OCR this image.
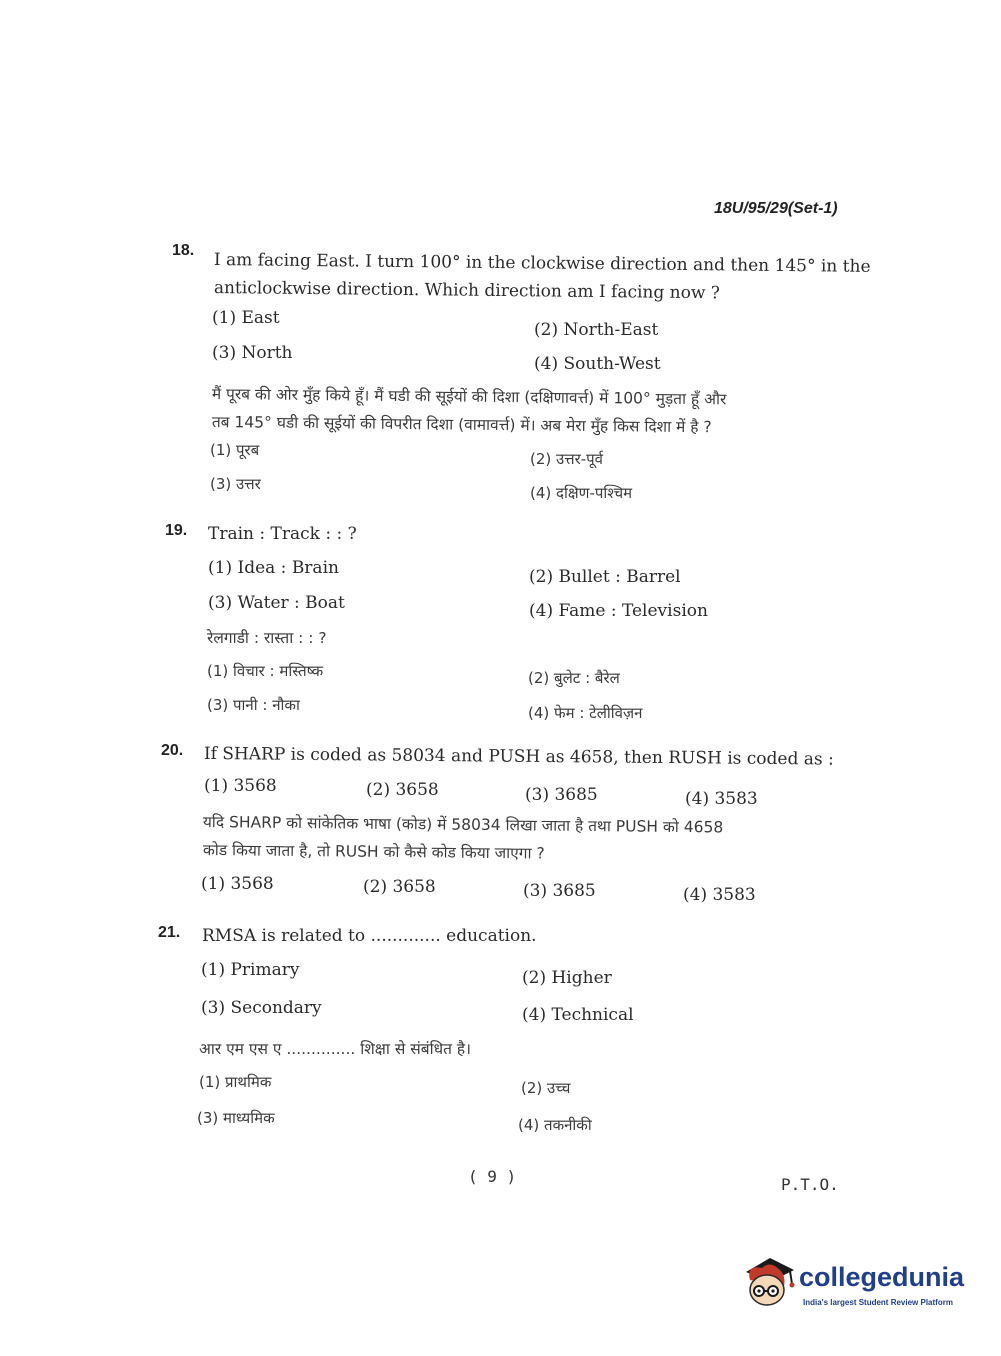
18U/95/29(Set-1)
18. I am facing East. I turn 100° in the clockwise direction and then 145° in the
anticlockwise direction. Which direction am I facing now ?
(1) East
(2) North-East
(3) North
(4) South-West
मैं पूरब की ओर मुँह किये हूँ। मैं घडी की सूईयों की दिशा (दक्षिणावर्त्त) में 100° मुड़ता हूँ और
तब 145° घडी की सूईयों की विपरीत दिशा (वामावर्त्त) में। अब मेरा मुँह किस दिशा में है ?
(1) पूरब	(2) उत्तर-पूर्व
(3) उत्तर	(4) दक्षिण-पश्चिम
19. Train : Track : : ?
(1) Idea : Brain	(2) Bullet : Barrel
(3) Water : Boat	(4) Fame : Television
रेलगाडी : रास्ता : : ?
(1) विचार : मस्तिष्क	(2) बुलेट : बैरेल
(3) पानी : नौका	(4) फेम : टेलीविज़न
20. If SHARP is coded as 58034 and PUSH as 4658, then RUSH is coded as :
(1) 3568	(2) 3658	(3) 3685	(4) 3583
यदि SHARP को सांकेतिक भाषा (कोड) में 58034 लिखा जाता है तथा PUSH को 4658
कोड किया जाता है, तो RUSH को कैसे कोड किया जाएगा ?
(1) 3568	(2) 3658	(3) 3685	(4) 3583
21. RMSA is related to ............. education.
(1) Primary	(2) Higher
(3) Secondary	(4) Technical
आर एम एस ए .............. शिक्षा से संबंधित है।
(1) प्राथमिक	(2) उच्च
(3) माध्यमिक	(4) तकनीकी
( 9 )	P.T.O.
collegedunia
India's largest Student Review Platform
